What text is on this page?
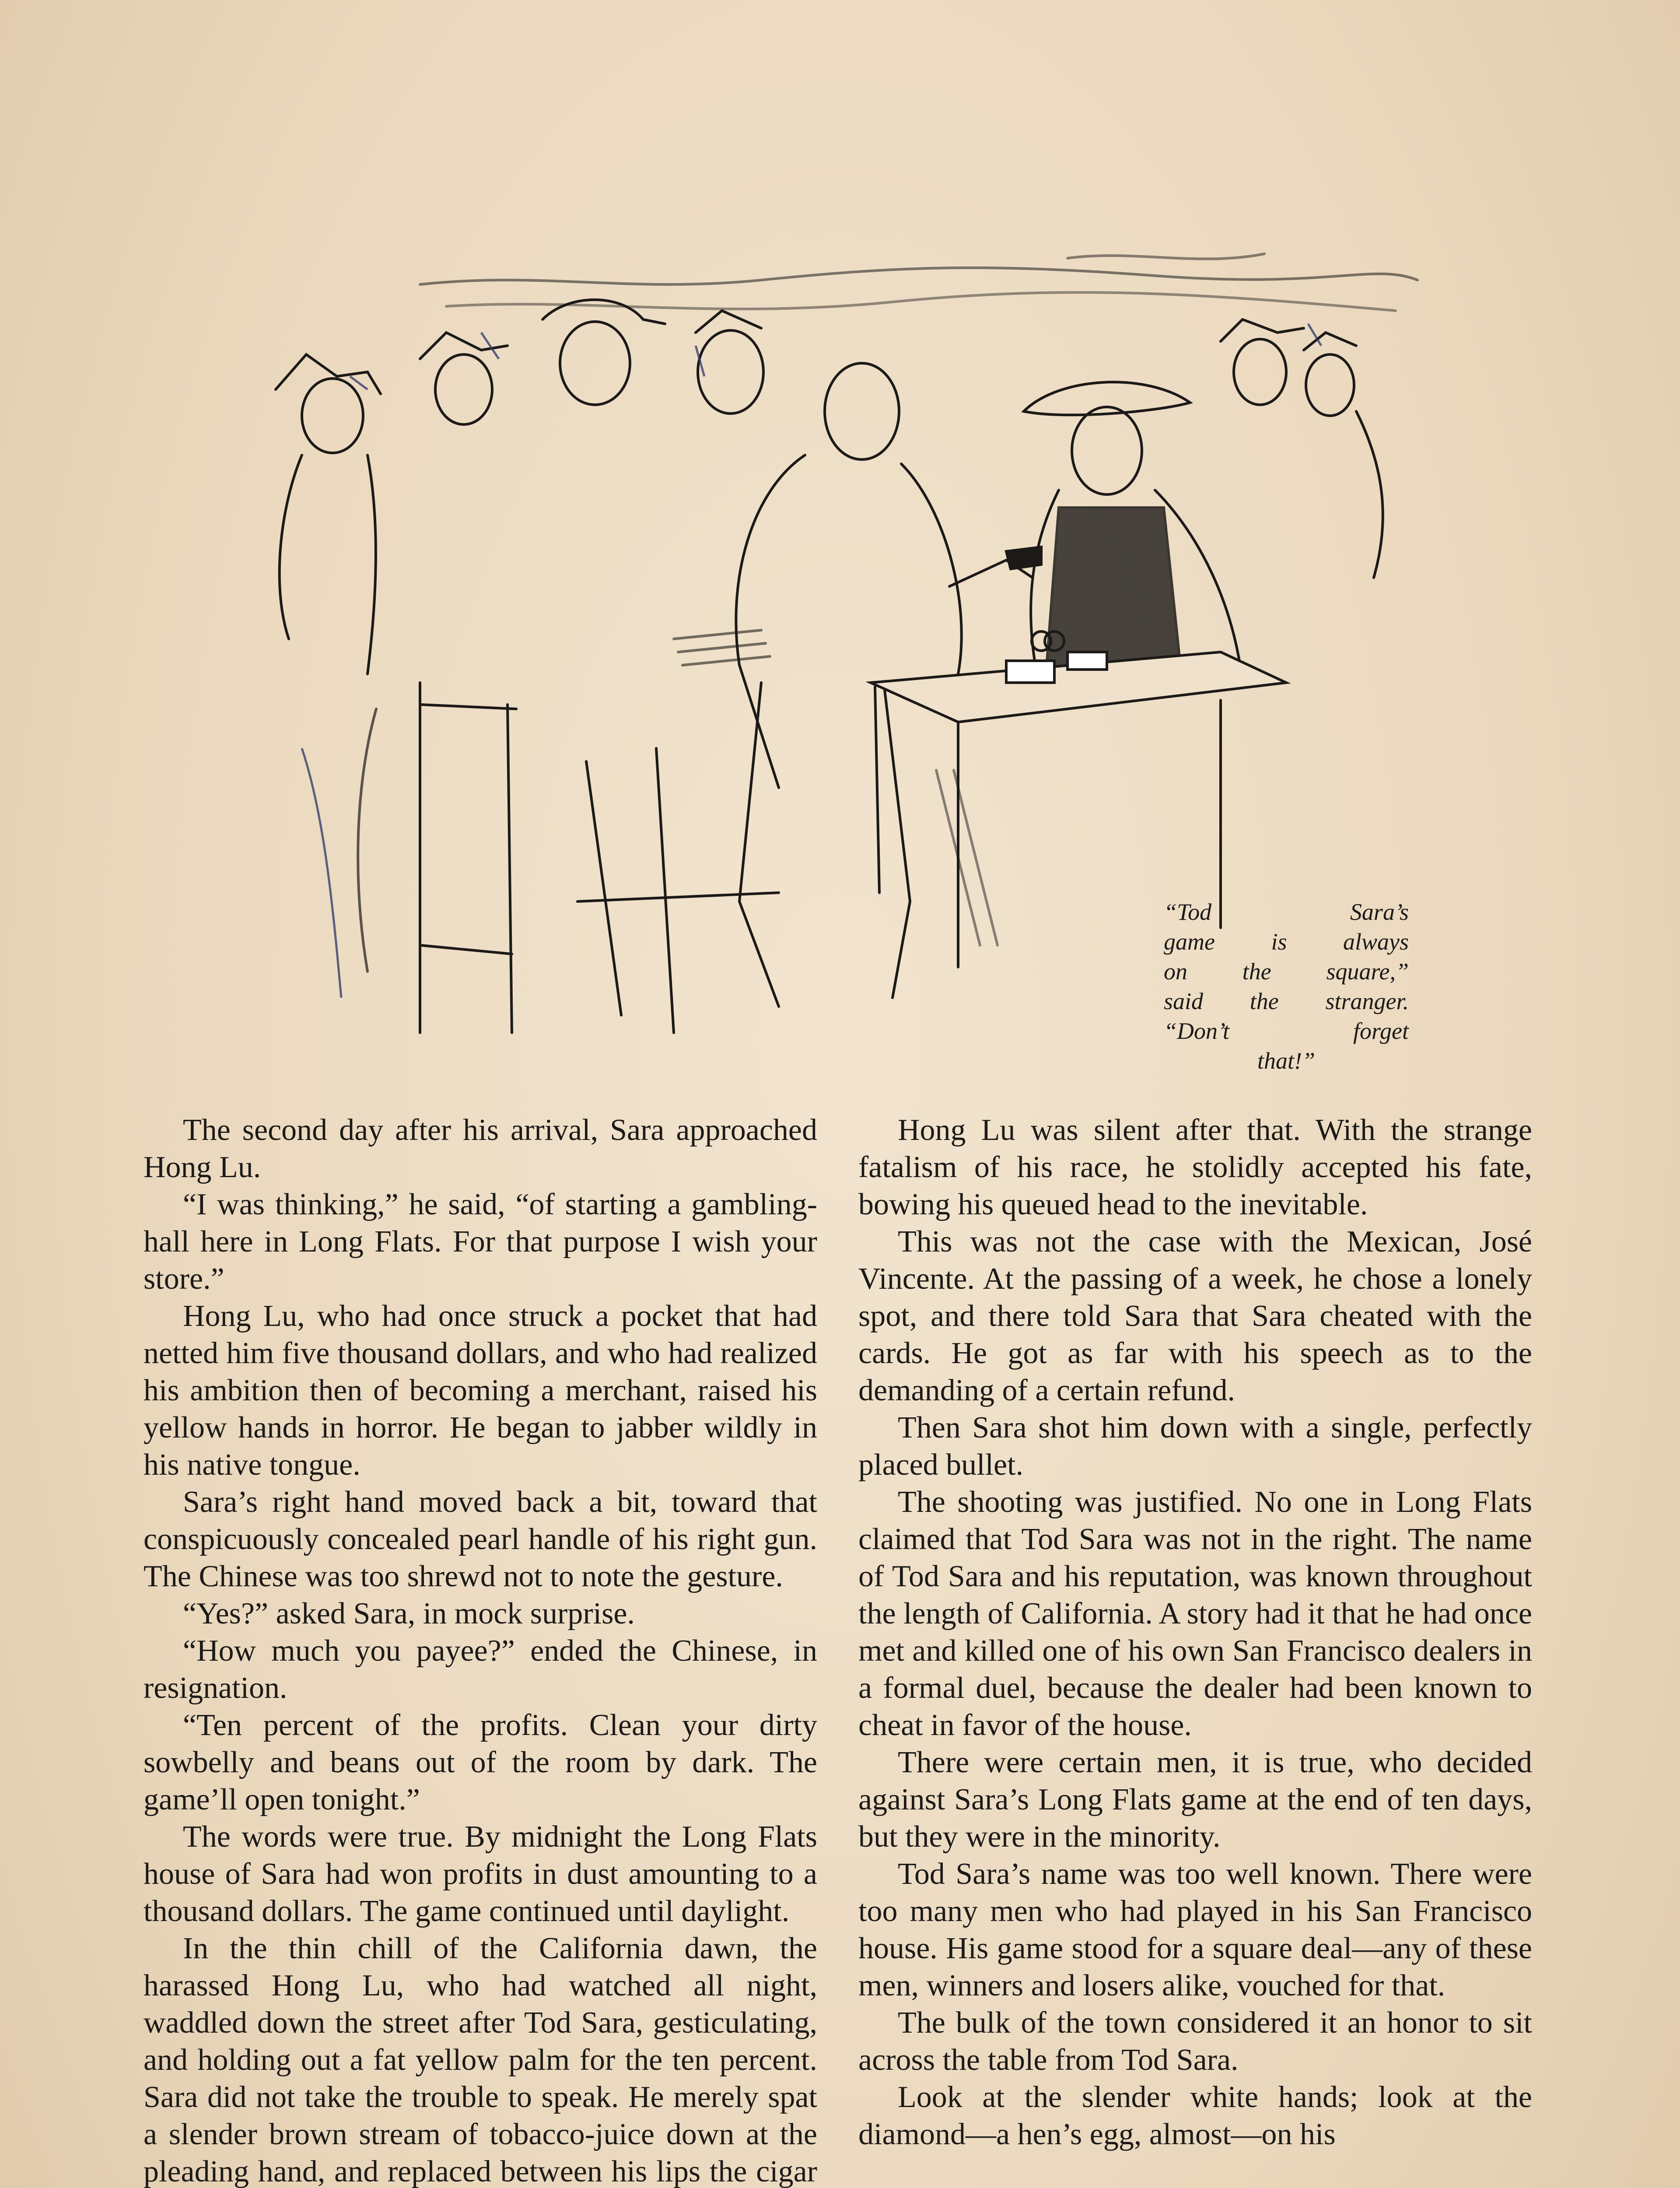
“Tod Sara’s
game is always
on the square,”
said the stranger.
“Don’t forget
that!”

The second day after his arrival, Sara approached Hong Lu.

“I was thinking,” he said, “of starting a gambling-hall here in Long Flats. For that purpose I wish your store.”

Hong Lu, who had once struck a pocket that had netted him five thousand dollars, and who had realized his ambition then of becoming a merchant, raised his yellow hands in horror. He began to jabber wildly in his native tongue.

Sara’s right hand moved back a bit, toward that conspicuously concealed pearl handle of his right gun. The Chinese was too shrewd not to note the gesture.

“Yes?” asked Sara, in mock surprise.

“How much you payee?” ended the Chinese, in resignation.

“Ten percent of the profits. Clean your dirty sowbelly and beans out of the room by dark. The game’ll open tonight.”

The words were true. By midnight the Long Flats house of Sara had won profits in dust amounting to a thousand dollars. The game continued until daylight.

In the thin chill of the California dawn, the harassed Hong Lu, who had watched all night, waddled down the street after Tod Sara, gesticulating, and holding out a fat yellow palm for the ten percent. Sara did not take the trouble to speak. He merely spat a slender brown stream of tobacco-juice down at the pleading hand, and replaced between his lips the cigar

Hong Lu was silent after that. With the strange fatalism of his race, he stolidly accepted his fate, bowing his queued head to the inevitable.

This was not the case with the Mexican, José Vincente. At the passing of a week, he chose a lonely spot, and there told Sara that Sara cheated with the cards. He got as far with his speech as to the demanding of a certain refund.

Then Sara shot him down with a single, perfectly placed bullet.

The shooting was justified. No one in Long Flats claimed that Tod Sara was not in the right. The name of Tod Sara and his reputation, was known throughout the length of California. A story had it that he had once met and killed one of his own San Francisco dealers in a formal duel, because the dealer had been known to cheat in favor of the house.

There were certain men, it is true, who decided against Sara’s Long Flats game at the end of ten days, but they were in the minority.

Tod Sara’s name was too well known. There were too many men who had played in his San Francisco house. His game stood for a square deal—any of these men, winners and losers alike, vouched for that.

The bulk of the town considered it an honor to sit across the table from Tod Sara.

Look at the slender white hands; look at the diamond—a hen’s egg, almost—on his
